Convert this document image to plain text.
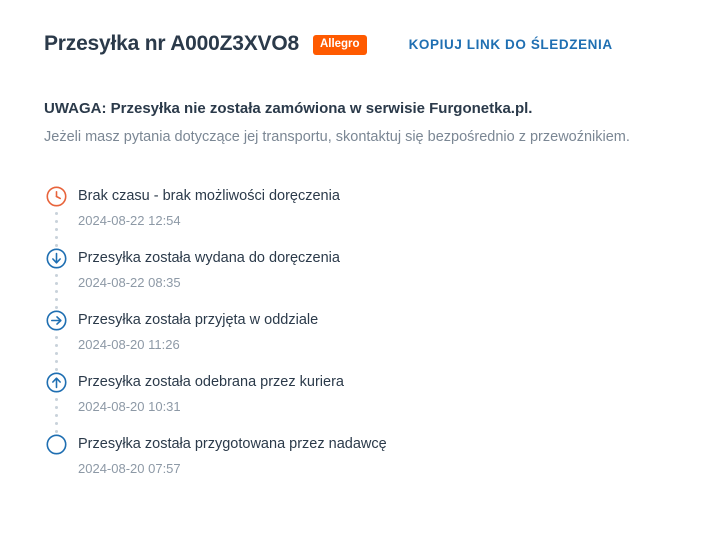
Przesyłka nr A000Z3XVO8	Allegro	KOPIUJ LINK DO ŚLEDZENIA
UWAGA: Przesyłka nie została zamówiona w serwisie Furgonetka.pl.
Jeżeli masz pytania dotyczące jej transportu, skontaktuj się bezpośrednio z przewoźnikiem.
Brak czasu - brak możliwości doręczenia
2024-08-22 12:54
Przesyłka została wydana do doręczenia
2024-08-22 08:35
Przesyłka została przyjęta w oddziale
2024-08-20 11:26
Przesyłka została odebrana przez kuriera
2024-08-20 10:31
Przesyłka została przygotowana przez nadawcę
2024-08-20 07:57
